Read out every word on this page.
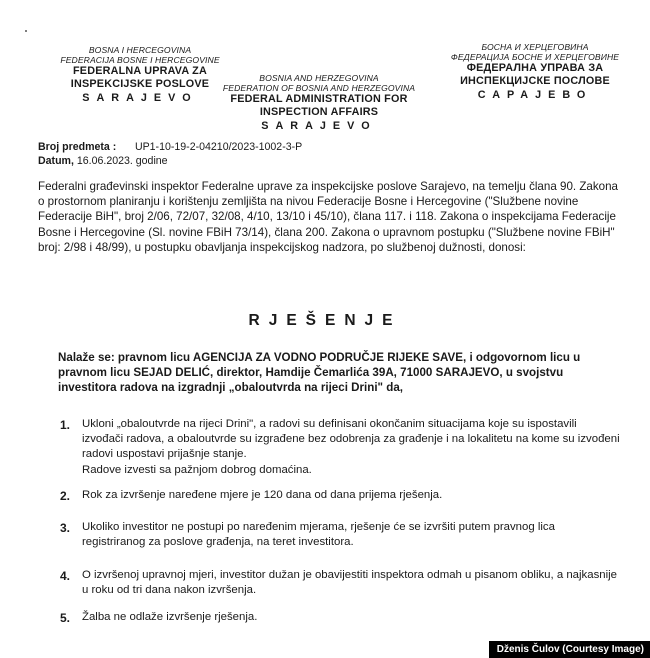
BOSNA I HERCEGOVINA
FEDERACIJA BOSNE I HERCEGOVINE
FEDERALNA UPRAVA ZA
INSPEKCIJSKE POSLOVE
SARAJEVO
BOSNIA AND HERZEGOVINA
FEDERATION OF BOSNIA AND HERZEGOVINA
FEDERAL ADMINISTRATION FOR
INSPECTION AFFAIRS
SARAJEVO
БОСНА И ХЕРЦЕГОВИНА
ФЕДЕРАЦИЈА БОСНЕ И ХЕРЦЕГОВИНЕ
ФЕДЕРАЛНА УПРАВА ЗА
ИНСПЕКЦИЈСКЕ ПОСЛОВЕ
САРАЈЕВО
Broj predmeta : UP1-10-19-2-04210/2023-1002-3-P
Datum, 16.06.2023. godine

Federalni građevinski inspektor Federalne uprave za inspekcijske poslove Sarajevo, na temelju člana 90. Zakona o prostornom planiranju i korištenju zemljišta na nivou Federacije Bosne i Hercegovine ("Službene novine Federacije BiH", broj 2/06, 72/07, 32/08, 4/10, 13/10 i 45/10), člana 117. i 118. Zakona o inspekcijama Federacije Bosne i Hercegovine (Sl. novine FBiH 73/14), člana 200. Zakona o upravnom postupku ("Službene novine FBiH" broj: 2/98 i 48/99), u postupku obavljanja inspekcijskog nadzora, po službenoj dužnosti, donosi:

RJEŠENJE

Nalaže se: pravnom licu AGENCIJA ZA VODNO PODRUČJE RIJEKE SAVE, i odgovornom licu u pravnom licu SEJAD DELIĆ, direktor, Hamdije Čemarlića 39A, 71000 SARAJEVO, u svojstvu investitora radova na izgradnji „obaloutvrda na rijeci Drini" da,

1. Ukloni „obaloutvrde na rijeci Drini", a radovi su definisani okončanim situacijama koje su ispostavili izvođači radova, a obaloutvrde su izgrađene bez odobrenja za građenje i na lokalitetu na kome su izvođeni radovi uspostavi prijašnje stanje.

Radove izvesti sa pažnjom dobrog domaćina.

2. Rok za izvršenje naređene mjere je 120 dana od dana prijema rješenja.

3. Ukoliko investitor ne postupi po naređenim mjerama, rješenje će se izvršiti putem pravnog lica registriranog za poslove građenja, na teret investitora.

4. O izvršenoj upravnoj mjeri, investitor dužan je obavijestiti inspektora odmah u pisanom obliku, a najkasnije u roku od tri dana nakon izvršenja.

5. Žalba ne odlaže izvršenje rješenja.

Dženis Čulov (Courtesy Image)
